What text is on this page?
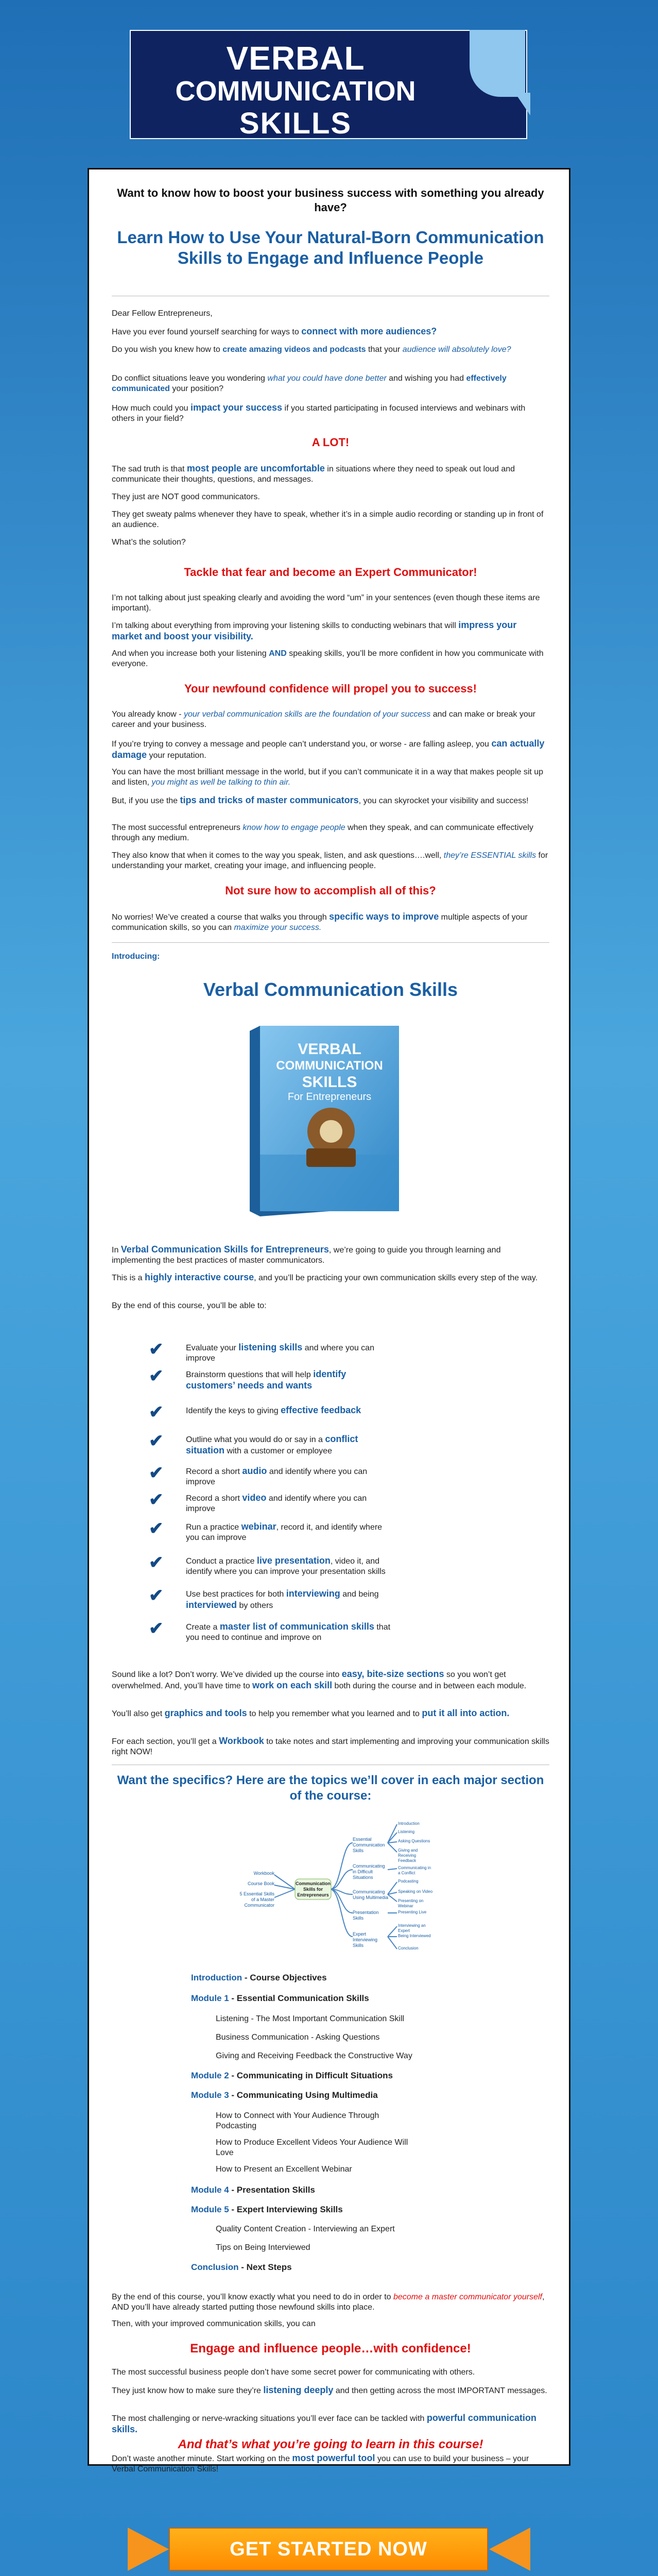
VERBAL
COMMUNICATION
SKILLS
Want to know how to boost your business success with something you already have?
Learn How to Use Your Natural-Born Communication Skills to Engage and Influence People
Dear Fellow Entrepreneurs,
Have you ever found yourself searching for ways to connect with more audiences?
Do you wish you knew how to create amazing videos and podcasts that your audience will absolutely love?
Do conflict situations leave you wondering what you could have done better and wishing you had effectively communicated your position?
How much could you impact your success if you started participating in focused interviews and webinars with others in your field?
A LOT!
The sad truth is that most people are uncomfortable in situations where they need to speak out loud and communicate their thoughts, questions, and messages.
They just are NOT good communicators.
They get sweaty palms whenever they have to speak, whether it’s in a simple audio recording or standing up in front of an audience.
What’s the solution?
Tackle that fear and become an Expert Communicator!
I’m not talking about just speaking clearly and avoiding the word “um” in your sentences (even though these items are important).
I’m talking about everything from improving your listening skills to conducting webinars that will impress your market and boost your visibility.
And when you increase both your listening AND speaking skills, you’ll be more confident in how you communicate with everyone.
Your newfound confidence will propel you to success!
You already know - your verbal communication skills are the foundation of your success and can make or break your career and your business.
If you’re trying to convey a message and people can’t understand you, or worse - are falling asleep, you can actually damage your reputation.
You can have the most brilliant message in the world, but if you can’t communicate it in a way that makes people sit up and listen, you might as well be talking to thin air.
But, if you use the tips and tricks of master communicators, you can skyrocket your visibility and success!
The most successful entrepreneurs know how to engage people when they speak, and can communicate effectively through any medium.
They also know that when it comes to the way you speak, listen, and ask questions….well, they’re ESSENTIAL skills for understanding your market, creating your image, and influencing people.
Not sure how to accomplish all of this?
No worries! We’ve created a course that walks you through specific ways to improve multiple aspects of your communication skills, so you can maximize your success.
Introducing:
Verbal Communication Skills
VERBAL
COMMUNICATION
SKILLS
For Entrepreneurs
In Verbal Communication Skills for Entrepreneurs, we’re going to guide you through learning and implementing the best practices of master communicators.
This is a highly interactive course, and you’ll be practicing your own communication skills every step of the way.
By the end of this course, you’ll be able to:
✔	Evaluate your listening skills and where you can improve
✔	Brainstorm questions that will help identify customers’ needs and wants
✔	Identify the keys to giving effective feedback
✔	Outline what you would do or say in a conflict situation with a customer or employee
✔	Record a short audio and identify where you can improve
✔	Record a short video and identify where you can improve
✔	Run a practice webinar, record it, and identify where you can improve
✔	Conduct a practice live presentation, video it, and identify where you can improve your presentation skills
✔	Use best practices for both interviewing and being interviewed by others
✔	Create a master list of communication skills that you need to continue and improve on
Sound like a lot? Don’t worry. We’ve divided up the course into easy, bite-size sections so you won’t get overwhelmed. And, you’ll have time to work on each skill both during the course and in between each module.
You’ll also get graphics and tools to help you remember what you learned and to put it all into action.
For each section, you’ll get a Workbook to take notes and start implementing and improving your communication skills right NOW!
Want the specifics? Here are the topics we’ll cover in each major section of the course:
Communication Skills for Entrepreneurs
Workbook
Course Book
5 Essential Skills of a Master Communicator
Essential Communication Skills
Communicating in Difficult Situations
Communicating Using Multimedia
Presentation Skills
Expert Interviewing Skills
Introduction
Listening
Asking Questions
Giving and Receiving Feedback
Communicating in a Conflict
Podcasting
Speaking on Video
Presenting on Webinar
Presenting Live
Interviewing an Expert
Being Interviewed
Conclusion
Introduction - Course Objectives
Module 1 - Essential Communication Skills
Listening - The Most Important Communication Skill
Business Communication - Asking Questions
Giving and Receiving Feedback the Constructive Way
Module 2 - Communicating in Difficult Situations
Module 3 - Communicating Using Multimedia
How to Connect with Your Audience Through Podcasting
How to Produce Excellent Videos Your Audience Will Love
How to Present an Excellent Webinar
Module 4 - Presentation Skills
Module 5 - Expert Interviewing Skills
Quality Content Creation - Interviewing an Expert
Tips on Being Interviewed
Conclusion - Next Steps
By the end of this course, you’ll know exactly what you need to do in order to become a master communicator yourself, AND you’ll have already started putting those newfound skills into place.
Then, with your improved communication skills, you can
Engage and influence people…with confidence!
The most successful business people don’t have some secret power for communicating with others.
They just know how to make sure they’re listening deeply and then getting across the most IMPORTANT messages.
The most challenging or nerve-wracking situations you’ll ever face can be tackled with powerful communication skills.
And that’s what you’re going to learn in this course!
Don’t waste another minute. Start working on the most powerful tool you can use to build your business – your Verbal Communication Skills!
GET STARTED NOW
